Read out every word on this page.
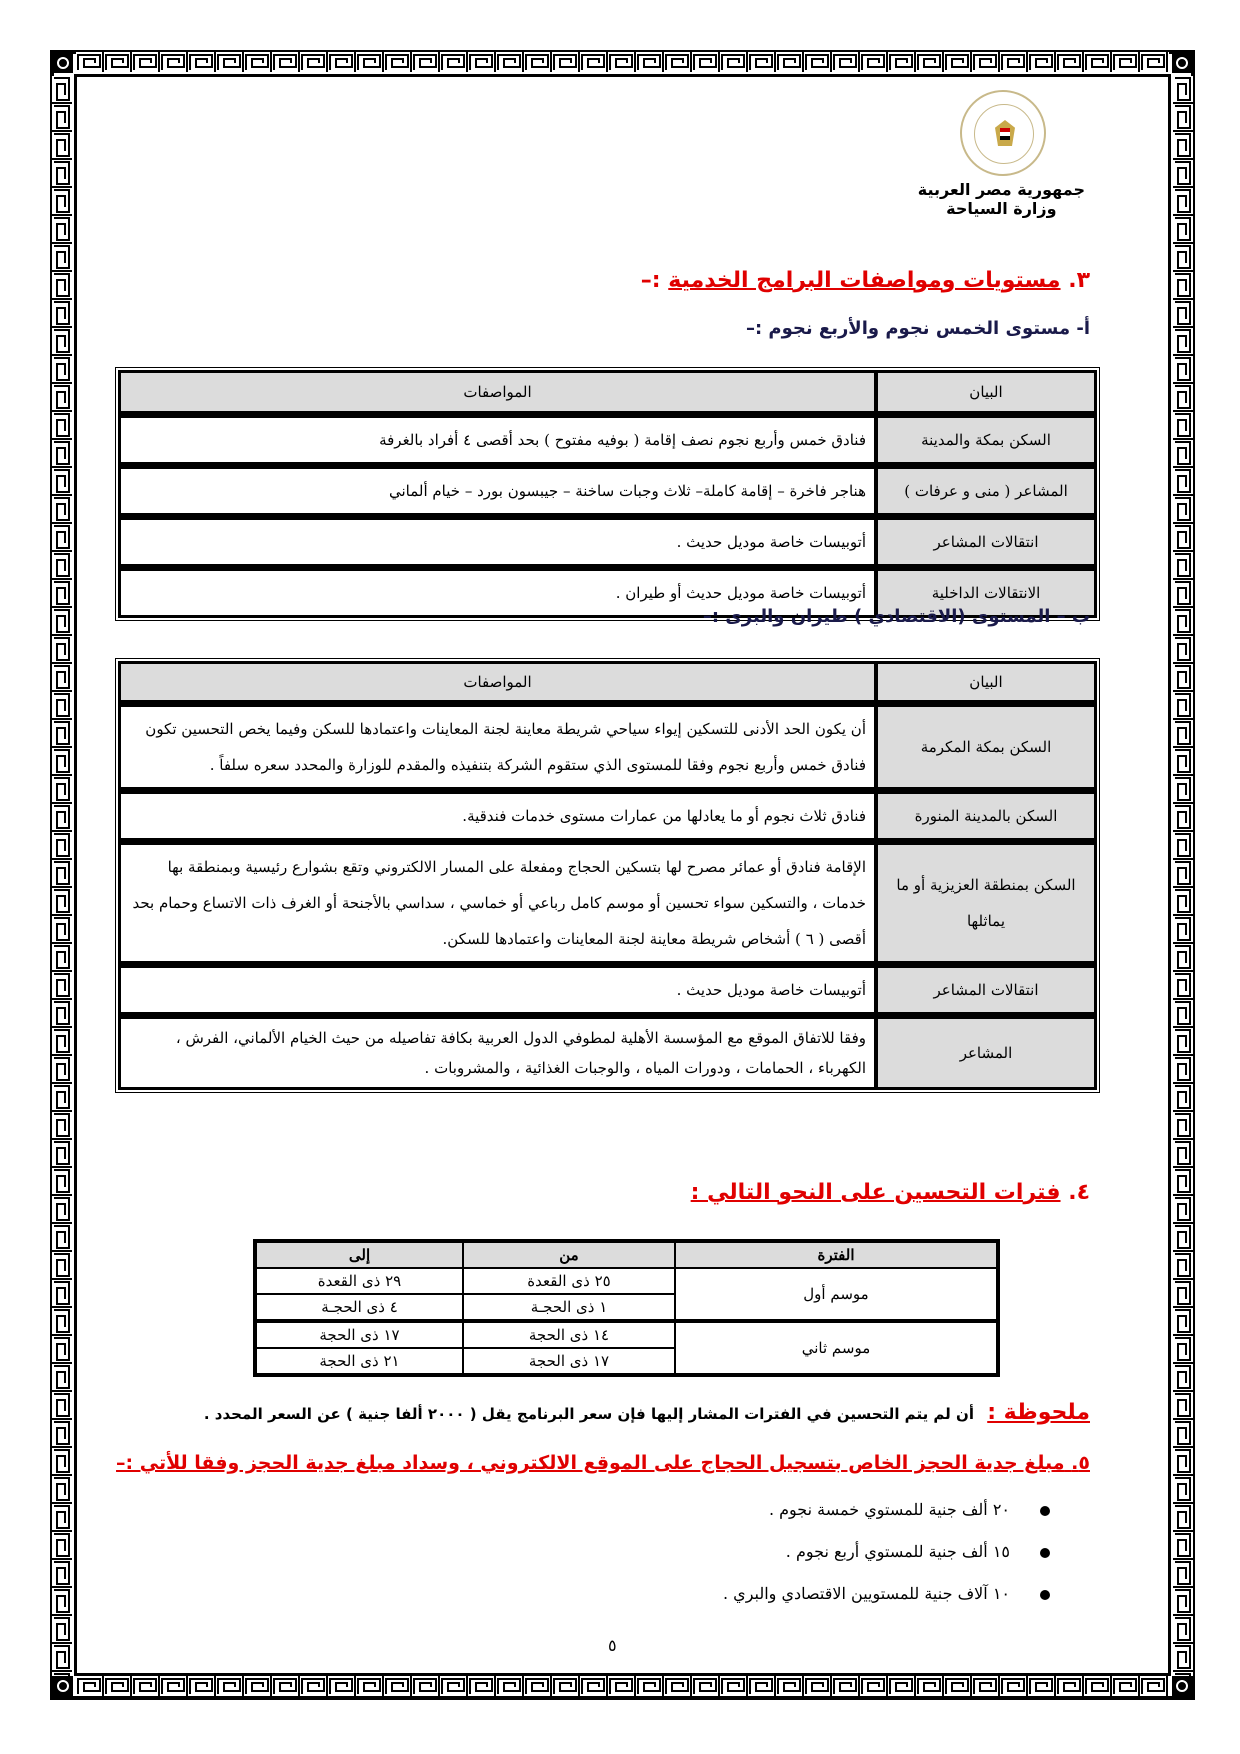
جمهورية مصر العربية
وزارة السياحة
٣. مستويات ومواصفات البرامج الخدمية :–
أ- مستوى الخمس نجوم والأربع نجوم :–
البيان	المواصفات
السكن بمكة والمدينة	فنادق خمس وأربع نجوم نصف إقامة ( بوفيه مفتوح ) بحد أقصى ٤ أفراد بالغرفة
المشاعر ( منى و عرفات )	هناجر فاخرة – إقامة كاملة– ثلاث وجبات ساخنة – جيبسون بورد – خيام ألماني
انتقالات المشاعر	أتوبيسات خاصة موديل حديث .
الانتقالات الداخلية	أتوبيسات خاصة موديل حديث أو طيران .
ب – المستوى (الاقتصادي ) طيران والبرى :–
البيان	المواصفات
السكن بمكة المكرمة	أن يكون الحد الأدنى للتسكين إيواء سياحي شريطة معاينة لجنة المعاينات واعتمادها للسكن وفيما يخص التحسين تكون فنادق خمس وأربع نجوم وفقا للمستوى الذي ستقوم الشركة بتنفيذه والمقدم للوزارة والمحدد سعره سلفاً .
السكن بالمدينة المنورة	فنادق ثلاث نجوم أو ما يعادلها من عمارات مستوى خدمات فندقية.
السكن بمنطقة العزيزية أو ما يماثلها	الإقامة فنادق أو عمائر مصرح لها بتسكين الحجاج ومفعلة على المسار الالكتروني وتقع بشوارع رئيسية وبمنطقة بها خدمات ، والتسكين سواء تحسين أو موسم كامل رباعي أو خماسي ، سداسي بالأجنحة أو الغرف ذات الاتساع وحمام بحد أقصى ( ٦ ) أشخاص شريطة معاينة لجنة المعاينات واعتمادها للسكن.
انتقالات المشاعر	أتوبيسات خاصة موديل حديث .
المشاعر	وفقا للاتفاق الموقع مع المؤسسة الأهلية لمطوفي الدول العربية بكافة تفاصيله من حيث الخيام الألماني، الفرش ، الكهرباء ، الحمامات ، ودورات المياه ، والوجبات الغذائية ، والمشروبات .
٤. فترات التحسين على النحو التالي :
الفترة	من	إلى
موسم أول	٢٥ ذى القعدة	٢٩ ذى القعدة
	١ ذى الحجـة	٤ ذى الحجـة
موسم ثاني	١٤ ذى الحجة	١٧ ذى الحجة
	١٧ ذى الحجة	٢١ ذى الحجة
ملحوظة : أن لم يتم التحسين في الفترات المشار إليها فإن سعر البرنامج يقل ( ٢٠٠٠ ألفا جنية ) عن السعر المحدد .
٥. مبلغ جدية الحجز الخاص بتسجيل الحجاج على الموقع الالكتروني ، وسداد مبلغ جدية الحجز وفقا للأتي :–
٢٠ ألف جنية للمستوي خمسة نجوم .
١٥ ألف جنية للمستوي أربع نجوم .
١٠ آلاف جنية للمستويين الاقتصادي والبري .
٥
